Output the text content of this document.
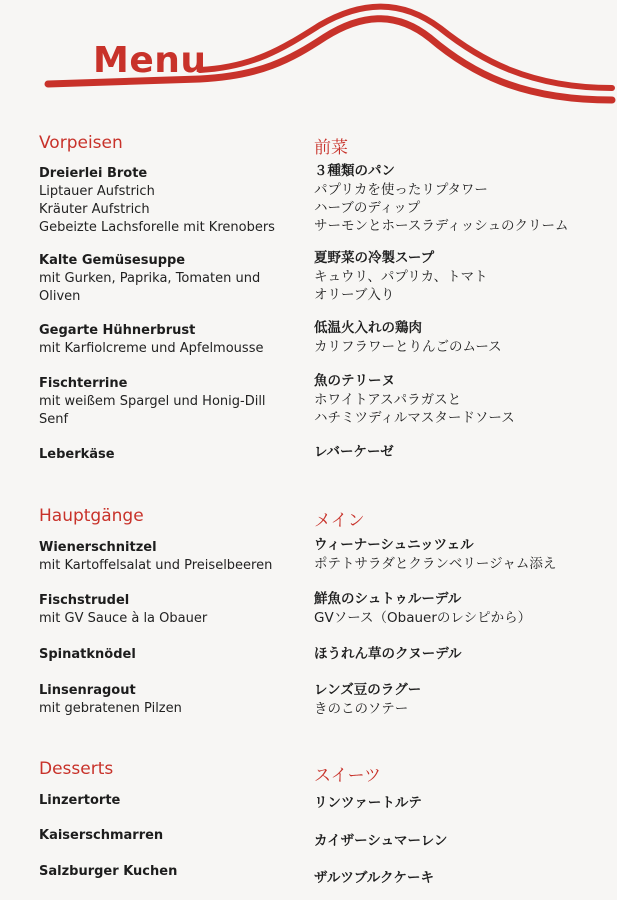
Menu
Vorpeisen
Dreierlei Brote
Liptauer Aufstrich
Kräuter Aufstrich
Gebeizte Lachsforelle mit Krenobers
Kalte Gemüsesuppe
mit Gurken, Paprika, Tomaten und
Oliven
Gegarte Hühnerbrust
mit Karfiolcreme und Apfelmousse
Fischterrine
mit weißem Spargel und Honig-Dill
Senf
Leberkäse
Hauptgänge
Wienerschnitzel
mit Kartoffelsalat und Preiselbeeren
Fischstrudel
mit GV Sauce à la Obauer
Spinatknödel
Linsenragout
mit gebratenen Pilzen
Desserts
Linzertorte
Kaiserschmarren
Salzburger Kuchen
前菜
３種類のパン
パプリカを使ったリプタワー
ハーブのディップ
サーモンとホースラディッシュのクリーム
夏野菜の冷製スープ
キュウリ、パプリカ、トマト
オリーブ入り
低温火入れの鶏肉
カリフラワーとりんごのムース
魚のテリーヌ
ホワイトアスパラガスと
ハチミツディルマスタードソース
レバーケーゼ
メイン
ウィーナーシュニッツェル
ポテトサラダとクランベリージャム添え
鮮魚のシュトゥルーデル
GVソース（Obauerのレシピから）
ほうれん草のクヌーデル
レンズ豆のラグー
きのこのソテー
スイーツ
リンツァートルテ
カイザーシュマーレン
ザルツブルクケーキ
